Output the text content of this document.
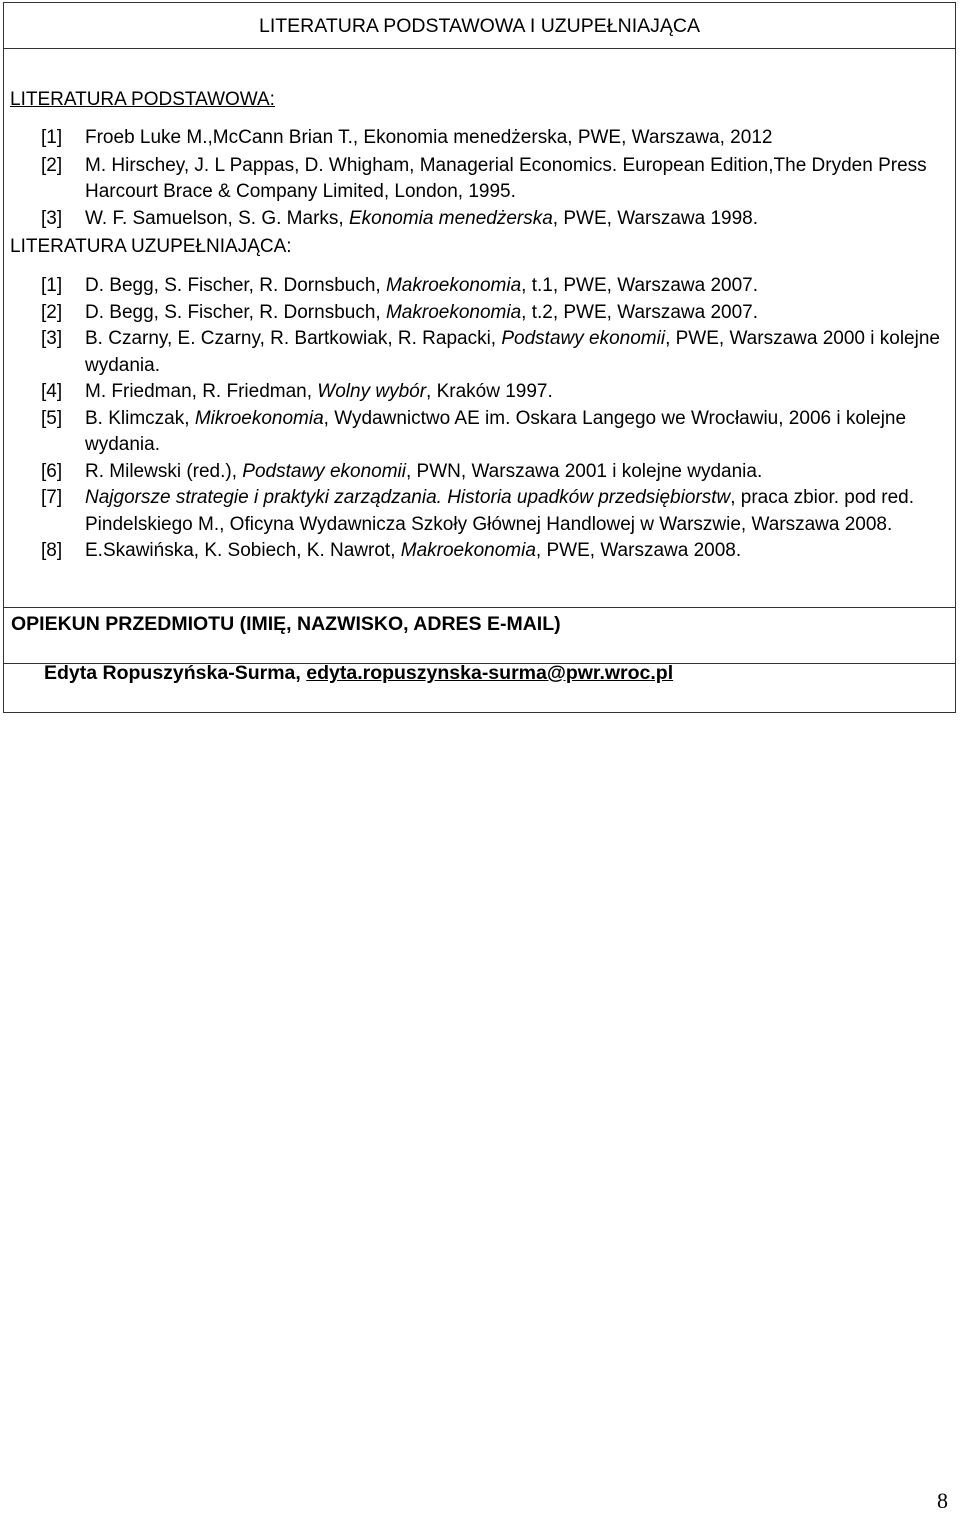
LITERATURA PODSTAWOWA I UZUPEŁNIAJĄCA
OPIEKUN PRZEDMIOTU (IMIĘ, NAZWISKO, ADRES E-MAIL)
LITERATURA PODSTAWOWA:
[1] Froeb Luke M.,McCann Brian T., Ekonomia menedżerska, PWE, Warszawa, 2012
[2] M. Hirschey, J. L Pappas, D. Whigham, Managerial Economics. European Edition,The Dryden Press Harcourt Brace & Company Limited, London, 1995.
[3] W. F. Samuelson, S. G. Marks, Ekonomia menedżerska, PWE, Warszawa 1998.
LITERATURA UZUPEŁNIAJĄCA:
[1] D. Begg, S. Fischer, R. Dornsbuch, Makroekonomia, t.1, PWE, Warszawa 2007.
[2] D. Begg, S. Fischer, R. Dornsbuch, Makroekonomia, t.2, PWE, Warszawa 2007.
[3] B. Czarny, E. Czarny, R. Bartkowiak, R. Rapacki, Podstawy ekonomii, PWE, Warszawa 2000 i kolejne wydania.
[4] M. Friedman, R. Friedman, Wolny wybór, Kraków 1997.
[5] B. Klimczak, Mikroekonomia, Wydawnictwo AE im. Oskara Langego we Wrocławiu, 2006 i kolejne wydania.
[6] R. Milewski (red.), Podstawy ekonomii, PWN, Warszawa 2001 i kolejne wydania.
[7] Najgorsze strategie i praktyki zarządzania. Historia upadków przedsiębiorstw, praca zbior. pod red. Pindelskiego M., Oficyna Wydawnicza Szkoły Głównej Handlowej w Warszwie, Warszawa 2008.
[8] E.Skawińska, K. Sobiech, K. Nawrot, Makroekonomia, PWE, Warszawa 2008.
Edyta Ropuszyńska-Surma, edyta.ropuszynska-surma@pwr.wroc.pl
8
